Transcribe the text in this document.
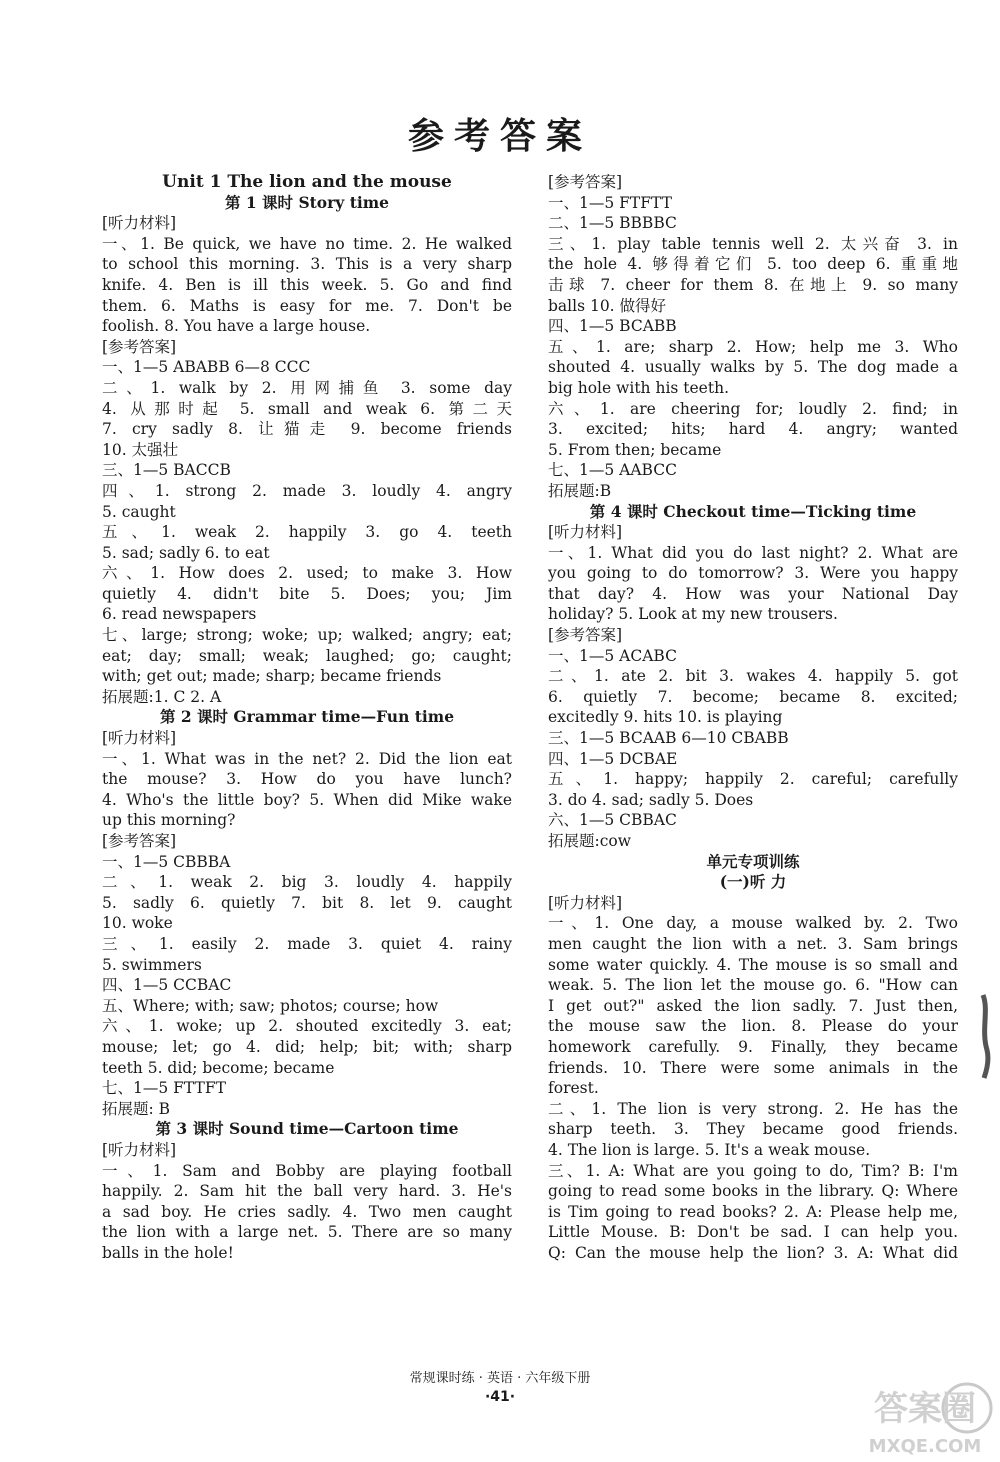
参考答案
Unit 1 The lion and the mouse
第 1 课时 Story time
[听力材料]
一、1. Be quick, we have no time. 2. He walked
to school this morning. 3. This is a very sharp
knife. 4. Ben is ill this week. 5. Go and find
them. 6. Maths is easy for me. 7. Don't be
foolish. 8. You have a large house.
[参考答案]
一、1—5 ABABB 6—8 CCC
二、1. walk by 2. 用网捕鱼 3. some day
4. 从那时起 5. small and weak 6. 第二天
7. cry sadly 8. 让猫走 9. become friends
10. 太强壮
三、1—5 BACCB
四、1. strong 2. made 3. loudly 4. angry
5. caught
五、1. weak 2. happily 3. go 4. teeth
5. sad; sadly 6. to eat
六、1. How does 2. used; to make 3. How
quietly 4. didn't bite 5. Does; you; Jim
6. read newspapers
七、large; strong; woke; up; walked; angry; eat;
eat; day; small; weak; laughed; go; caught;
with; get out; made; sharp; became friends
拓展题:1. C 2. A
第 2 课时 Grammar time—Fun time
[听力材料]
一、1. What was in the net? 2. Did the lion eat
the mouse? 3. How do you have lunch?
4. Who's the little boy? 5. When did Mike wake
up this morning?
[参考答案]
一、1—5 CBBBA
二、1. weak 2. big 3. loudly 4. happily
5. sadly 6. quietly 7. bit 8. let 9. caught
10. woke
三、1. easily 2. made 3. quiet 4. rainy
5. swimmers
四、1—5 CCBAC
五、Where; with; saw; photos; course; how
六、1. woke; up 2. shouted excitedly 3. eat;
mouse; let; go 4. did; help; bit; with; sharp
teeth 5. did; become; became
七、1—5 FTTFT
拓展题: B
第 3 课时 Sound time—Cartoon time
[听力材料]
一、1. Sam and Bobby are playing football
happily. 2. Sam hit the ball very hard. 3. He's
a sad boy. He cries sadly. 4. Two men caught
the lion with a large net. 5. There are so many
balls in the hole!
[参考答案]
一、1—5 FTFTT
二、1—5 BBBBC
三、1. play table tennis well 2. 太兴奋 3. in
the hole 4. 够得着它们 5. too deep 6. 重重地
击球 7. cheer for them 8. 在地上 9. so many
balls 10. 做得好
四、1—5 BCABB
五、1. are; sharp 2. How; help me 3. Who
shouted 4. usually walks by 5. The dog made a
big hole with his teeth.
六、1. are cheering for; loudly 2. find; in
3. excited; hits; hard 4. angry; wanted
5. From then; became
七、1—5 AABCC
拓展题:B
第 4 课时 Checkout time—Ticking time
[听力材料]
一、1. What did you do last night? 2. What are
you going to do tomorrow? 3. Were you happy
that day? 4. How was your National Day
holiday? 5. Look at my new trousers.
[参考答案]
一、1—5 ACABC
二、1. ate 2. bit 3. wakes 4. happily 5. got
6. quietly 7. become; became 8. excited;
excitedly 9. hits 10. is playing
三、1—5 BCAAB 6—10 CBABB
四、1—5 DCBAE
五、1. happy; happily 2. careful; carefully
3. do 4. sad; sadly 5. Does
六、1—5 CBBAC
拓展题:cow
单元专项训练
(一)听 力
[听力材料]
一、1. One day, a mouse walked by. 2. Two
men caught the lion with a net. 3. Sam brings
some water quickly. 4. The mouse is so small and
weak. 5. The lion let the mouse go. 6. "How can
I get out?" asked the lion sadly. 7. Just then,
the mouse saw the lion. 8. Please do your
homework carefully. 9. Finally, they became
friends. 10. There were some animals in the
forest.
二、1. The lion is very strong. 2. He has the
sharp teeth. 3. They became good friends.
4. The lion is large. 5. It's a weak mouse.
三、1. A: What are you going to do, Tim? B: I'm
going to read some books in the library. Q: Where
is Tim going to read books? 2. A: Please help me,
Little Mouse. B: Don't be sad. I can help you.
Q: Can the mouse help the lion? 3. A: What did
常规课时练 · 英语 · 六年级下册
·41·	答案圈
MXQE.COM
